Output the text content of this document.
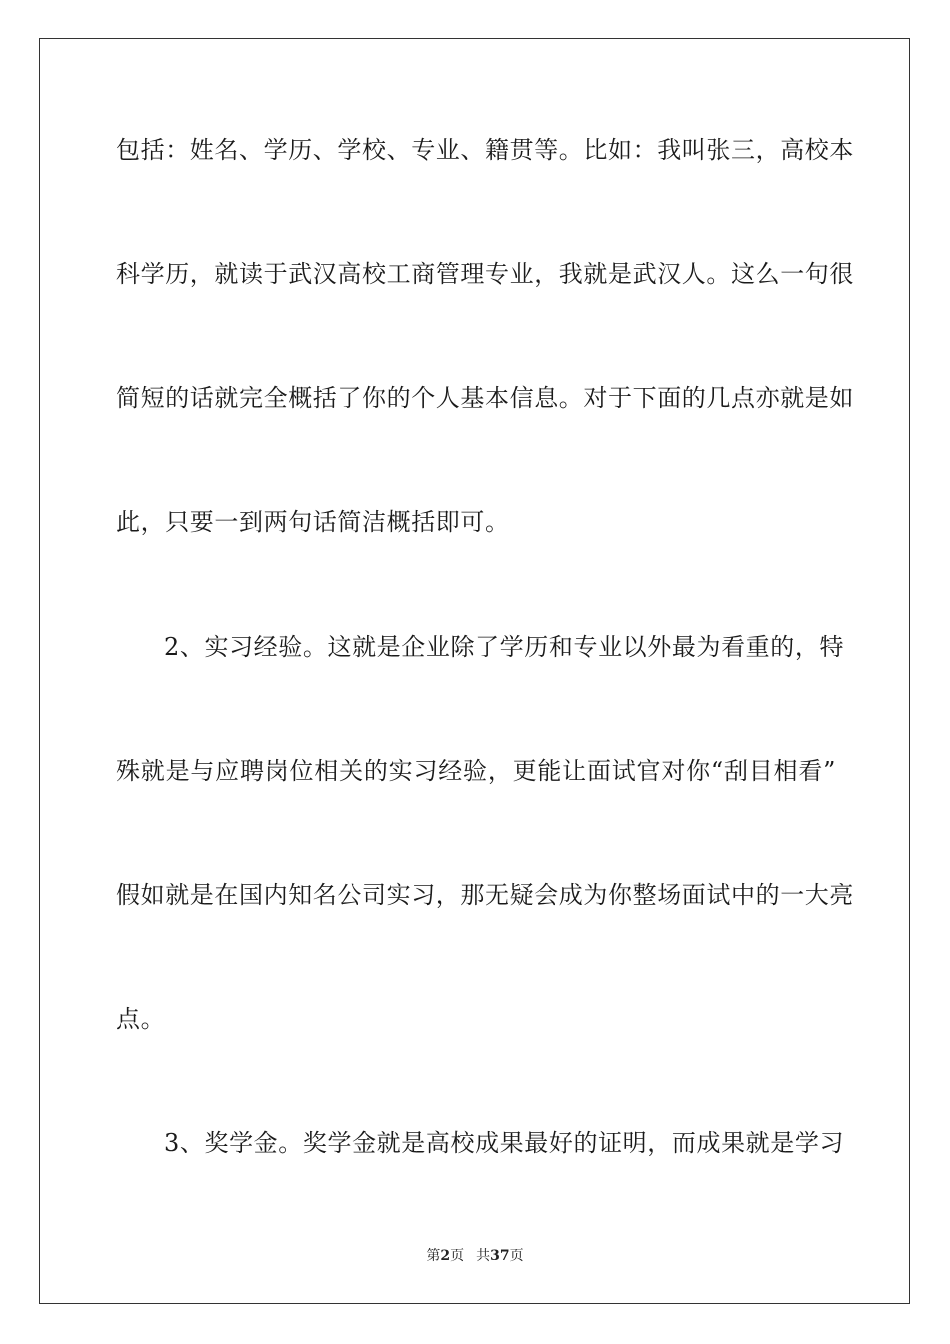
包括：姓名、学历、学校、专业、籍贯等。比如：我叫张三，高校本
科学历，就读于武汉高校工商管理专业，我就是武汉人。这么一句很
简短的话就完全概括了你的个人基本信息。对于下面的几点亦就是如
此，只要一到两句话简洁概括即可。
2、实习经验。这就是企业除了学历和专业以外最为看重的，特
殊就是与应聘岗位相关的实习经验，更能让面试官对你“刮目相看”
假如就是在国内知名公司实习，那无疑会成为你整场面试中的一大亮
点。
3、奖学金。奖学金就是高校成果最好的证明，而成果就是学习
第2页 共37页
